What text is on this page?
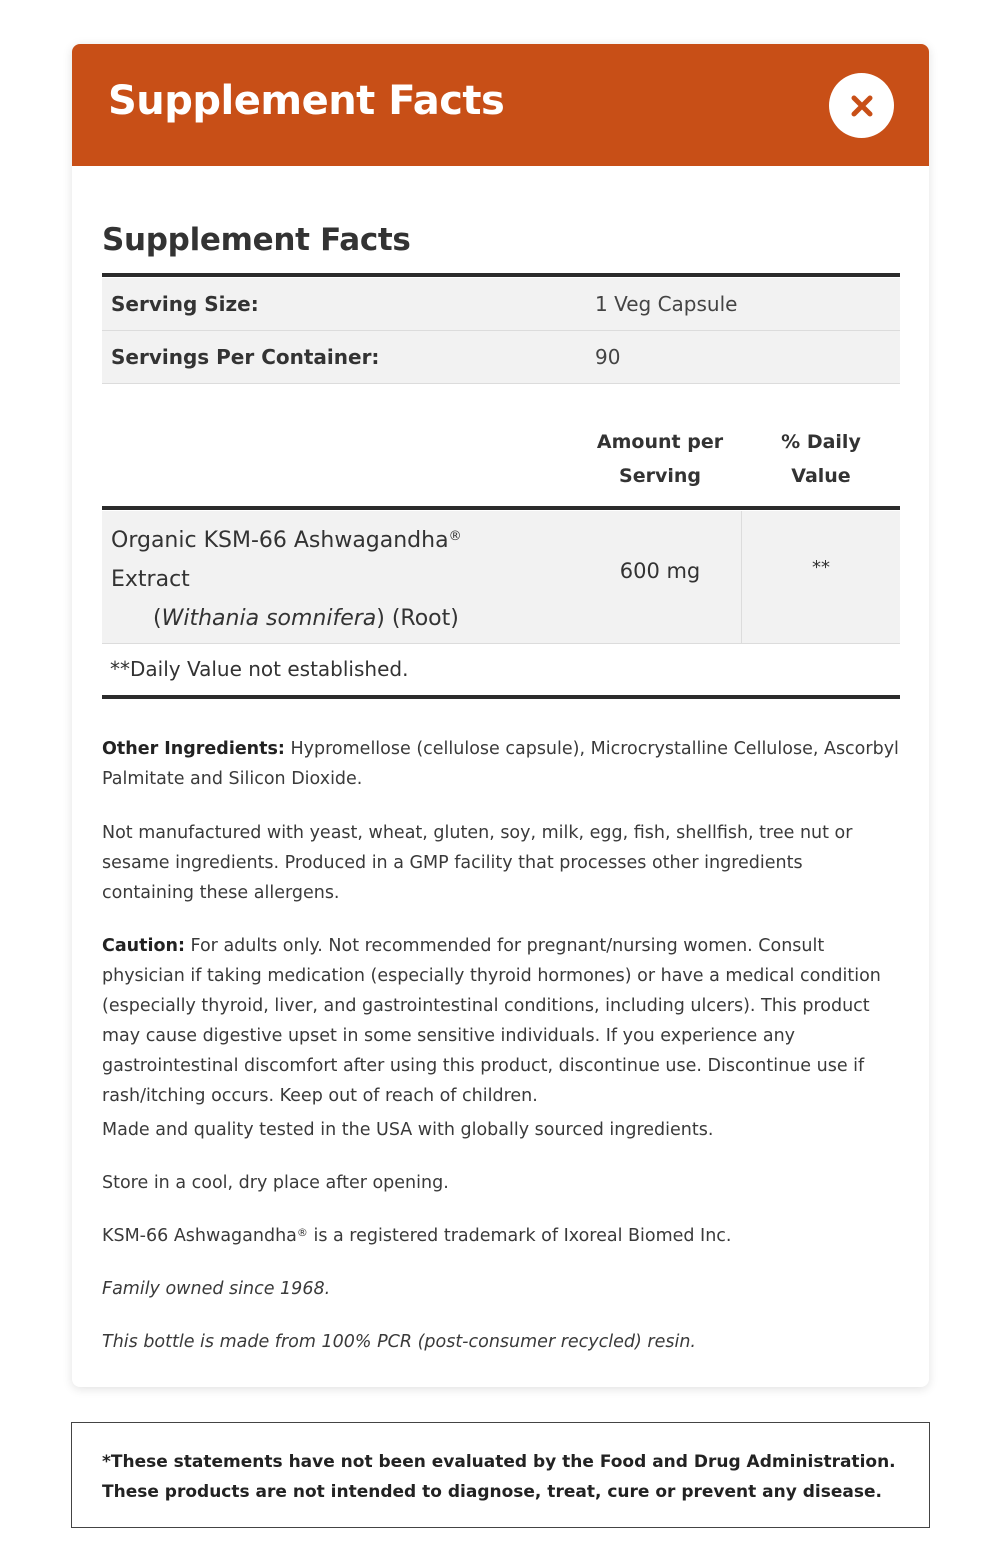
Supplement Facts
Supplement Facts
Serving Size:	1 Veg Capsule
Servings Per Container:	90
Amount per
Serving
% Daily
Value
Organic KSM-66 Ashwagandha®
Extract
(Withania somnifera) (Root)
600 mg	**
**Daily Value not established.
Other Ingredients: Hypromellose (cellulose capsule), Microcrystalline Cellulose, Ascorbyl Palmitate and Silicon Dioxide.
Not manufactured with yeast, wheat, gluten, soy, milk, egg, fish, shellfish, tree nut or sesame ingredients. Produced in a GMP facility that processes other ingredients containing these allergens.
Caution: For adults only. Not recommended for pregnant/nursing women. Consult physician if taking medication (especially thyroid hormones) or have a medical condition (especially thyroid, liver, and gastrointestinal conditions, including ulcers). This product may cause digestive upset in some sensitive individuals. If you experience any gastrointestinal discomfort after using this product, discontinue use. Discontinue use if rash/itching occurs. Keep out of reach of children.
Made and quality tested in the USA with globally sourced ingredients.
Store in a cool, dry place after opening.
KSM-66 Ashwagandha® is a registered trademark of Ixoreal Biomed Inc.
Family owned since 1968.
This bottle is made from 100% PCR (post-consumer recycled) resin.
*These statements have not been evaluated by the Food and Drug Administration.
These products are not intended to diagnose, treat, cure or prevent any disease.
